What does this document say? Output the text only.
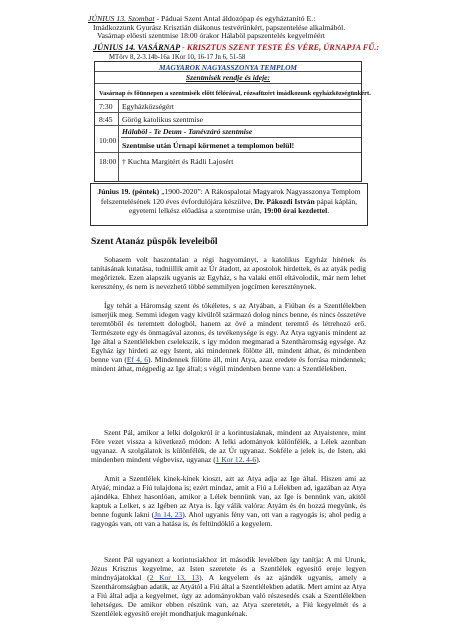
JÚNIUS 13. Szombat - Páduai Szent Antal áldozópap és egyháztanító E.:
Imádkozzunk Gyurász Krisztián diákonus testvérünkért, papszentelése alkalmából.
Vasárnap előesti szentmise 18:00 órakor Hálaböl papszentelés kegyelméért
JÚNIUS 14. VASÁRNAP - KRISZTUS SZENT TESTE ÉS VÉRE, ÚRNAPJA FŰ.:
MTörv 8, 2-3.14b-16a 1Kor 10, 16-17 Jn 6, 51-58
MAGYAROK NAGYASSZONYA TEMPLOM
Szentmisék rendje és ideje:
Vasárnap és főünnepen a szentmisék előtt félórával, rózsafüzért imádkozunk egyházközségünkért.
7:30 Egyházközségért
8:45 Görög katolikus szentmise
10:00
Hálaböl - Te Deum - Tanévzáró szentmise
Szentmise után Úrnapi körmenet a templomon belül!
18:00 † Kuchta Margitért és Rádli Lajosért

Június 19. (péntek) „1900-2020”: A Rákospalotai Magyarok Nagyasszonya Templom felszentelésének 120 éves évfordulójára készülve, Dr. Pákozdi István pápai káplán, egyetemi lelkész előadása a szentmise után, 19:00 órai kezdettel.

Szent Atanáz püspök leveleiből

Sohasem volt haszontalan a régi hagyományt, a katolikus Egyház hitének és tanításának kutatása, tudniillik amit az Úr átadott, az apostolok hirdettek, és az atyák pedig megőriztek. Ezen alapszik ugyanis az Egyház, s ha valaki ettől eltávolodik, már nem lehet keresztény, és nem is nevezhető többé semmilyen jogcímen kereszténynek.

Így tehát a Háromság szent és tökéletes, s az Atyában, a Fiúban és a Szentlélekben ismerjük meg. Semmi idegen vagy kívülről származó dolog nincs benne, és nincs összetéve teremtőből és teremtett dologból, hanem az övé a mindent teremtő és létrehozó erő. Természete egy és önmagával azonos, és tevékenysége is egy. Az Atya ugyanis mindent az Ige által a Szentlélekben cselekszik, s így módon megmarad a Szentháromság egysége. Az Egyház így hirdeti az egy Istent, aki mindennek fölötte áll, mindent áthat, és mindenben benne van (Ef 4, 6). Mindennek fölötte áll, mint Atya, azaz eredete és forrása mindennek; mindent áthat, mégpedig az Ige által; s végül mindenben benne van: a Szentlélekben.

Szent Pál, amikor a lelki dolgokról ír a korintusiaknak, mindent az Atyaistenre, mint Főre vezet vissza a következő módon: A lelki adományok különfélék, a Lélek azonban ugyanaz. A szolgálatok is különfélék, de az Úr ugyanaz. Sokféle a jelek is, de Isten, aki mindenben mindent végbevisz, ugyanaz (1 Kor 12, 4-6).

Amit a Szentlélek kinek-kinek kioszt, azt az Atya adja az Ige által. Hiszen ami az Atyáé, mindaz a Fiú tulajdona is; ezért mindaz, amit a Fiú a Lélekben ad, igazában az Atya ajándéka. Ehhez hasonlóan, amikor a Lélek bennünk van, az Ige is bennünk van, akitől kaptuk a Lelket, s az Igében az Atya is. Így válik valóra: Atyám és én hozzá megyünk, és benne fogunk lakni (Jn 14, 23). Ahol ugyanis fény van, ott van a ragyogás is; ahol pedig a ragyogás van, ott van a hatása is, és feltündöklő a kegyelem.

Szent Pál ugyanezt a korintusiakhoz írt második levelében így tanítja: A mi Urunk, Jézus Krisztus kegyelme, az Isten szeretete és a Szentlélek egyesítő ereje legyen mindnyájatokkal (2 Kor 13, 13). A kegyelem és az ajándék ugyanis, amely a Szentháromságban adatik, az Atyától a Fiú által a Szentlélekben adatik. Mert amint az Atya a Fiú által adja a kegyelmet, úgy az adományokban való részesedés csak a Szentlélekben lehetséges. De amikor ebben részünk van, az Atya szeretetét, a Fiú kegyelmét és a Szentlélek egyesítő erejét mondhatjuk magunkénak.
